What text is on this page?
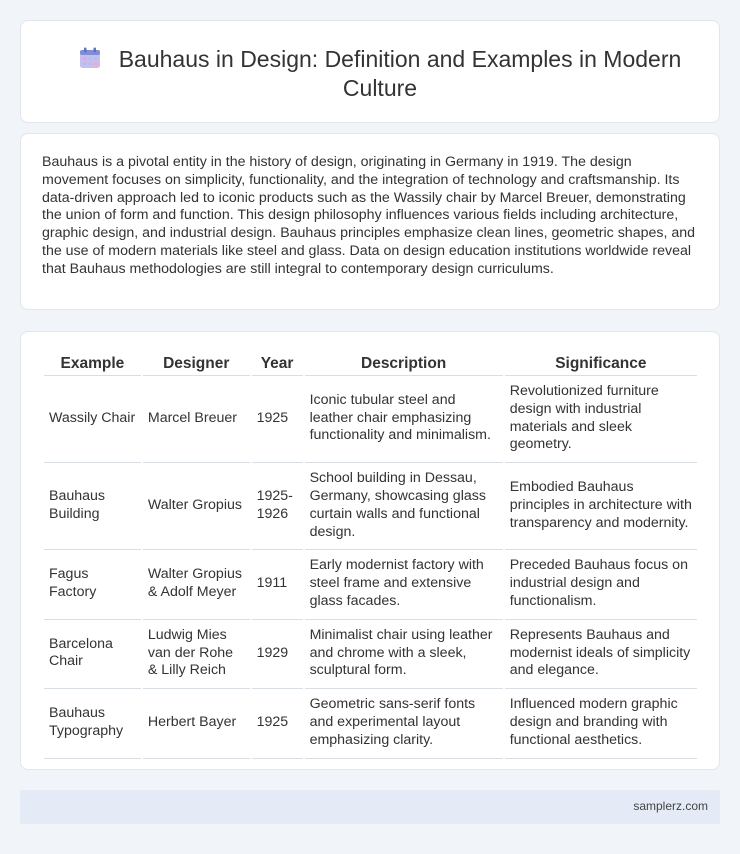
Bauhaus in Design: Definition and Examples in Modern Culture

Bauhaus is a pivotal entity in the history of design, originating in Germany in 1919. The design movement focuses on simplicity, functionality, and the integration of technology and craftsmanship. Its data-driven approach led to iconic products such as the Wassily chair by Marcel Breuer, demonstrating the union of form and function. This design philosophy influences various fields including architecture, graphic design, and industrial design. Bauhaus principles emphasize clean lines, geometric shapes, and the use of modern materials like steel and glass. Data on design education institutions worldwide reveal that Bauhaus methodologies are still integral to contemporary design curriculums.

Example	Designer	Year	Description	Significance
Wassily Chair	Marcel Breuer	1925	Iconic tubular steel and leather chair emphasizing functionality and minimalism.	Revolutionized furniture design with industrial materials and sleek geometry.
Bauhaus Building	Walter Gropius	1925-1926	School building in Dessau, Germany, showcasing glass curtain walls and functional design.	Embodied Bauhaus principles in architecture with transparency and modernity.
Fagus Factory	Walter Gropius & Adolf Meyer	1911	Early modernist factory with steel frame and extensive glass facades.	Preceded Bauhaus focus on industrial design and functionalism.
Barcelona Chair	Ludwig Mies van der Rohe & Lilly Reich	1929	Minimalist chair using leather and chrome with a sleek, sculptural form.	Represents Bauhaus and modernist ideals of simplicity and elegance.
Bauhaus Typography	Herbert Bayer	1925	Geometric sans-serif fonts and experimental layout emphasizing clarity.	Influenced modern graphic design and branding with functional aesthetics.
samplerz.com
